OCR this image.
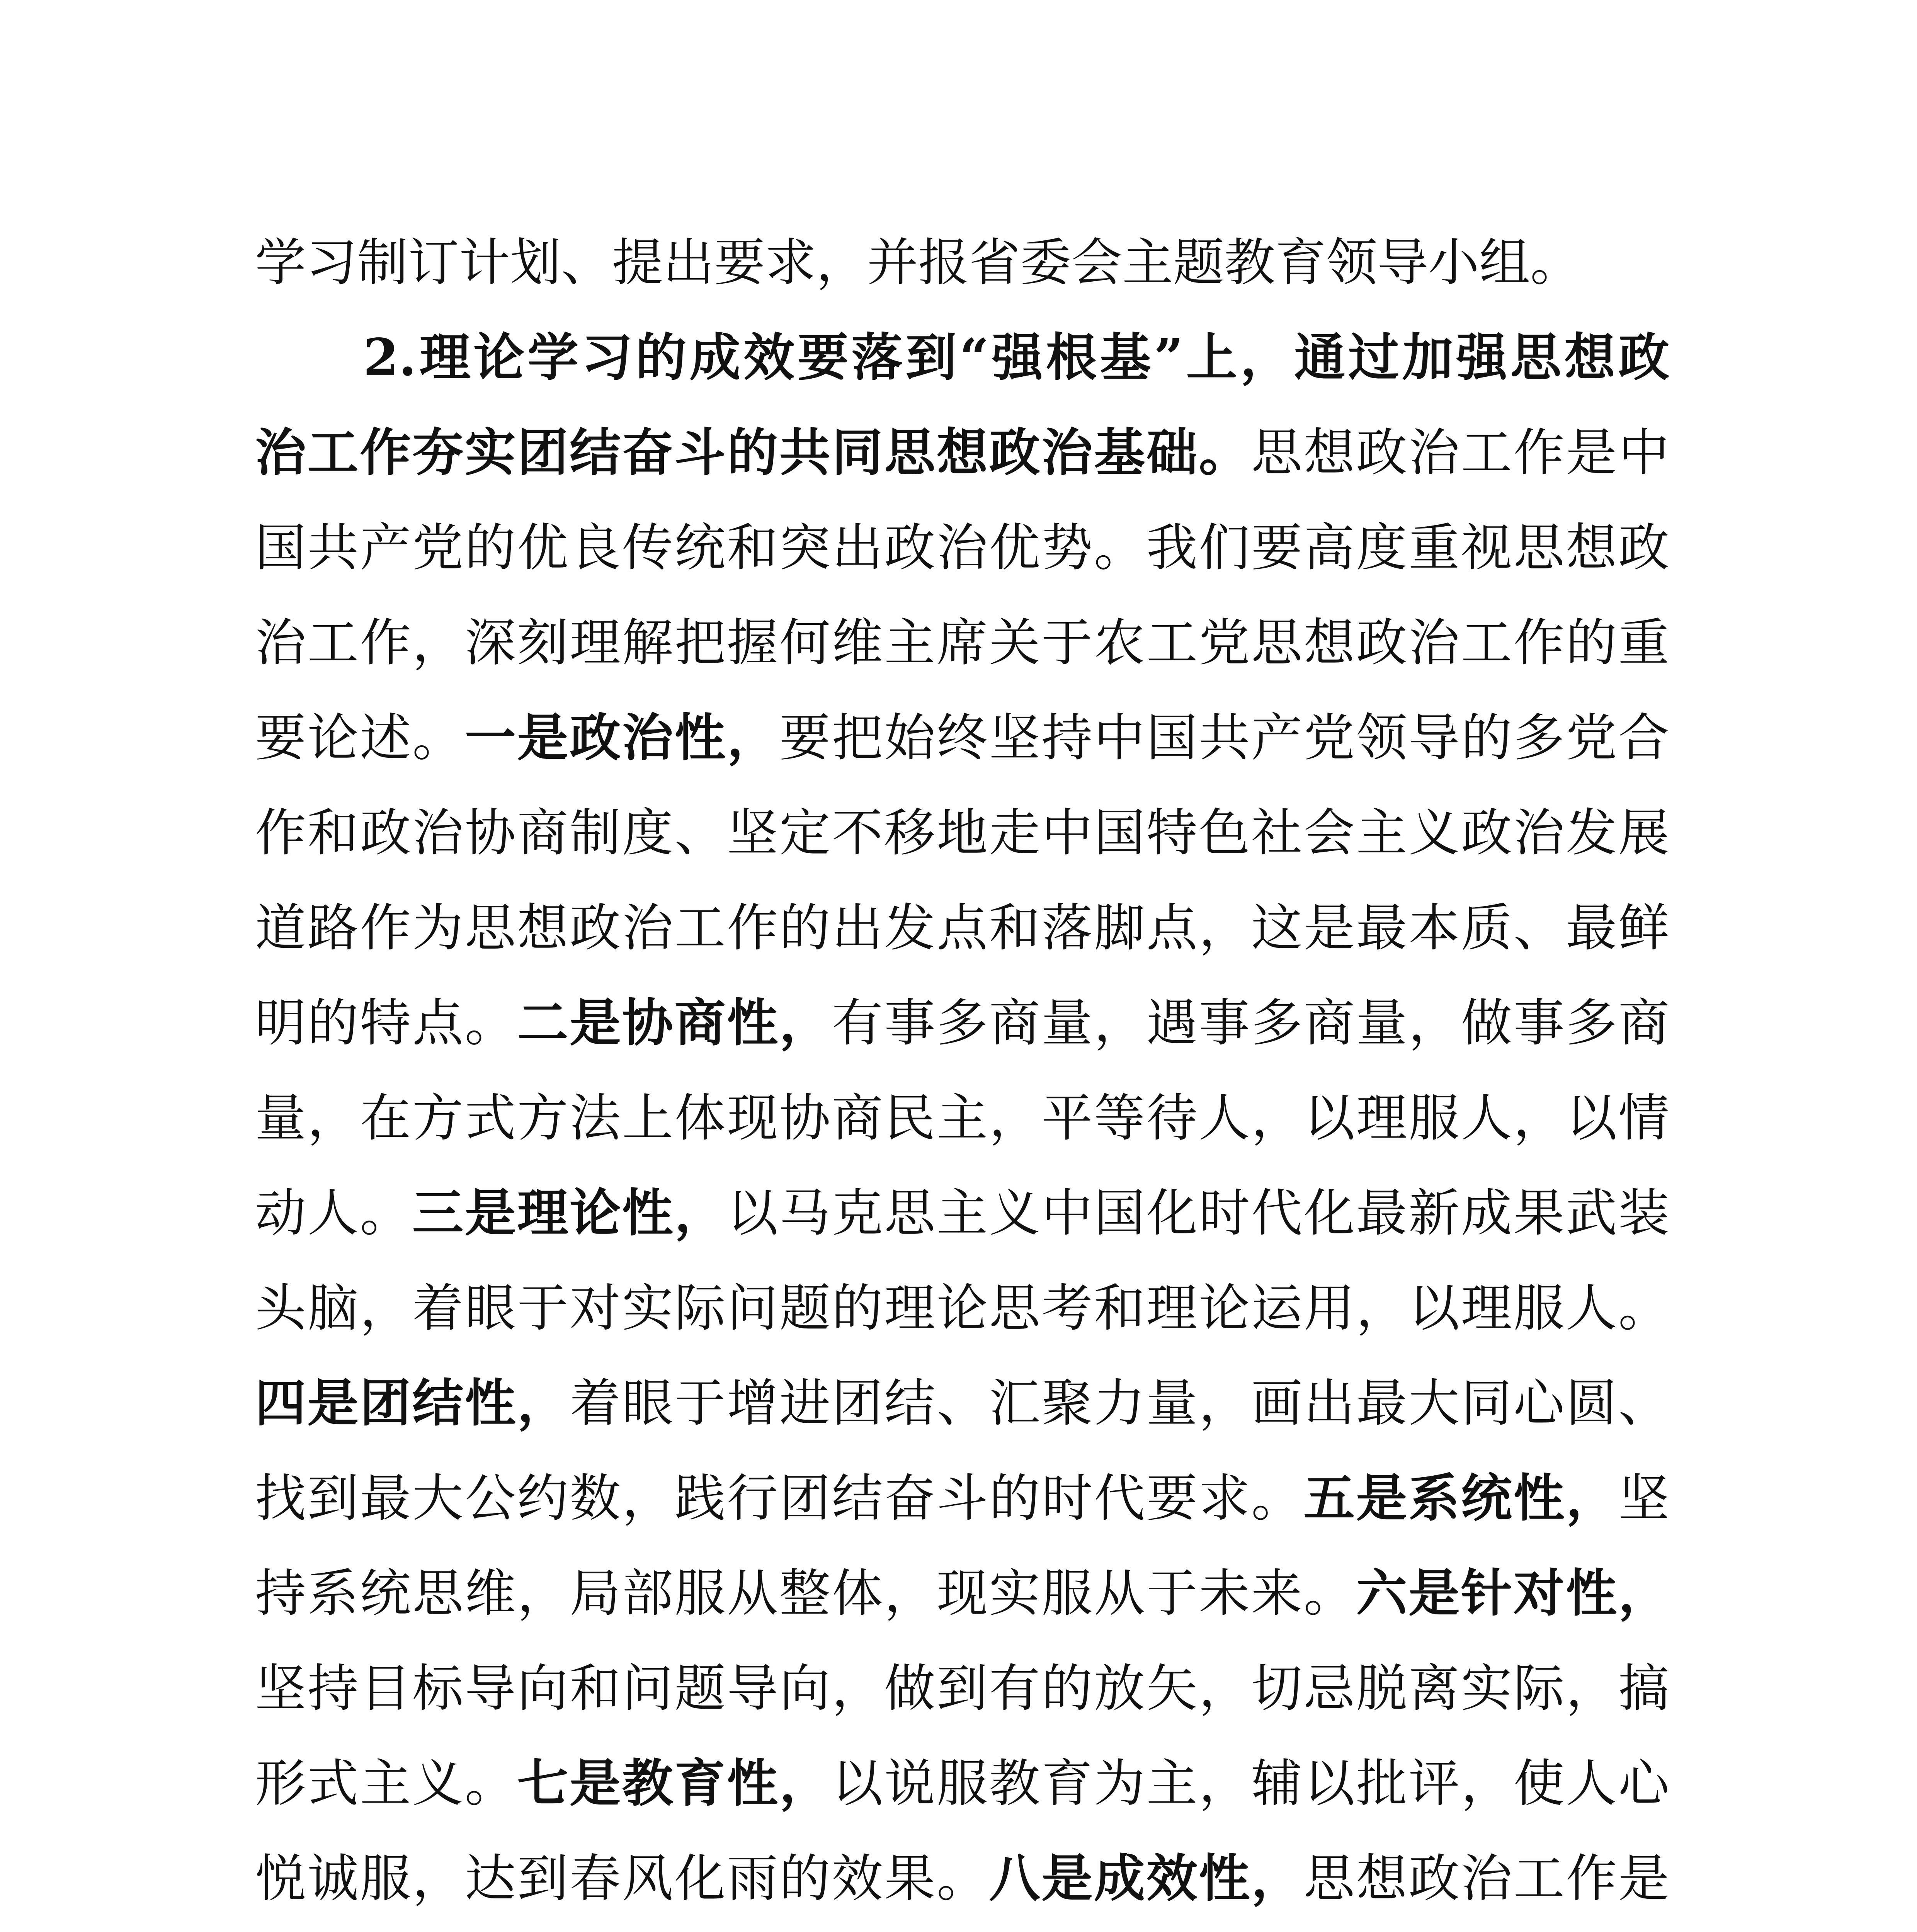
学习制订计划、提出要求，并报省委会主题教育领导小组。
2.理论学习的成效要落到“强根基”上，通过加强思想政
治工作夯实团结奋斗的共同思想政治基础。思想政治工作是中
国共产党的优良传统和突出政治优势。我们要高度重视思想政
治工作，深刻理解把握何维主席关于农工党思想政治工作的重
要论述。一是政治性，要把始终坚持中国共产党领导的多党合
作和政治协商制度、坚定不移地走中国特色社会主义政治发展
道路作为思想政治工作的出发点和落脚点，这是最本质、最鲜
明的特点。二是协商性，有事多商量，遇事多商量，做事多商
量，在方式方法上体现协商民主，平等待人，以理服人，以情
动人。三是理论性，以马克思主义中国化时代化最新成果武装
头脑，着眼于对实际问题的理论思考和理论运用，以理服人。
四是团结性，着眼于增进团结、汇聚力量，画出最大同心圆、
找到最大公约数，践行团结奋斗的时代要求。五是系统性，坚
持系统思维，局部服从整体，现实服从于未来。六是针对性，
坚持目标导向和问题导向，做到有的放矢，切忌脱离实际，搞
形式主义。七是教育性，以说服教育为主，辅以批评，使人心
悦诚服，达到春风化雨的效果。八是成效性，思想政治工作是
